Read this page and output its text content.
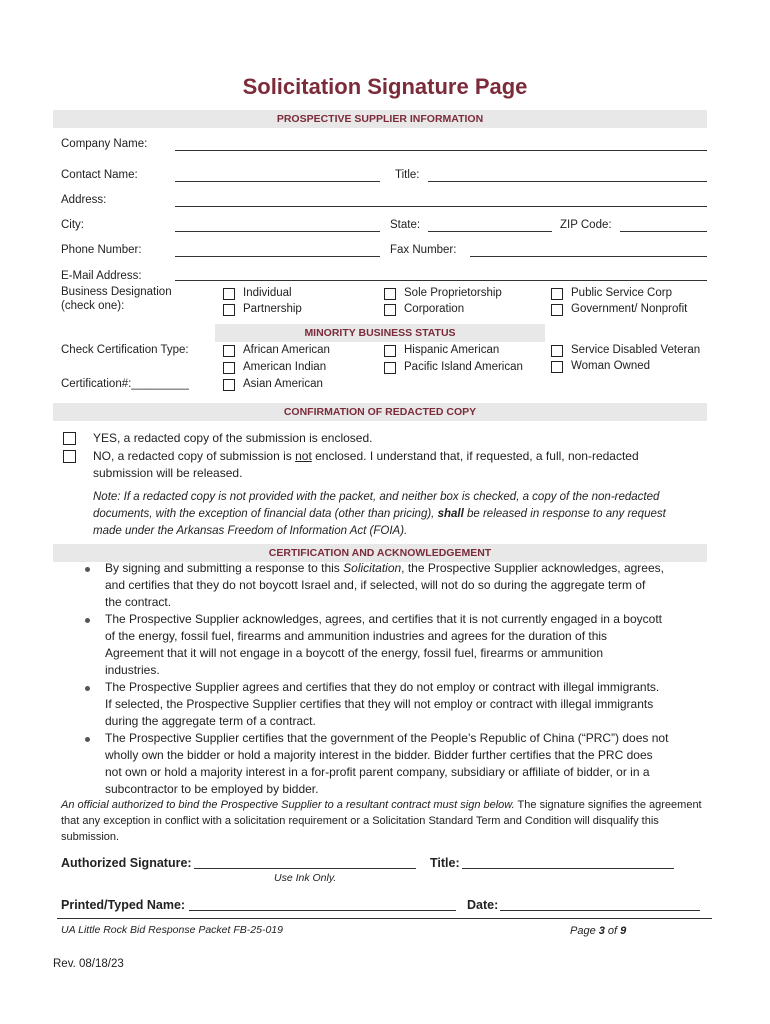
Solicitation Signature Page
PROSPECTIVE SUPPLIER INFORMATION
Company Name:
Contact Name:	Title:
Address:
City:	State:	ZIP Code:
Phone Number:	Fax Number:
E-Mail Address:
Business Designation
(check one):
Individual
Partnership
Sole Proprietorship
Corporation
Public Service Corp
Government/ Nonprofit
MINORITY BUSINESS STATUS
Check Certification Type:
Certification#:_________
African American
American Indian
Asian American
Hispanic American
Pacific Island American
Service Disabled Veteran
Woman Owned
CONFIRMATION OF REDACTED COPY
YES, a redacted copy of the submission is enclosed.
NO, a redacted copy of submission is not enclosed. I understand that, if requested, a full, non-redacted
submission will be released.
Note: If a redacted copy is not provided with the packet, and neither box is checked, a copy of the non-redacted
documents, with the exception of financial data (other than pricing), shall be released in response to any request
made under the Arkansas Freedom of Information Act (FOIA).
CERTIFICATION AND ACKNOWLEDGEMENT
By signing and submitting a response to this Solicitation, the Prospective Supplier acknowledges, agrees,
and certifies that they do not boycott Israel and, if selected, will not do so during the aggregate term of
the contract.
The Prospective Supplier acknowledges, agrees, and certifies that it is not currently engaged in a boycott
of the energy, fossil fuel, firearms and ammunition industries and agrees for the duration of this
Agreement that it will not engage in a boycott of the energy, fossil fuel, firearms or ammunition
industries.
The Prospective Supplier agrees and certifies that they do not employ or contract with illegal immigrants.
If selected, the Prospective Supplier certifies that they will not employ or contract with illegal immigrants
during the aggregate term of a contract.
The Prospective Supplier certifies that the government of the People’s Republic of China (“PRC”) does not
wholly own the bidder or hold a majority interest in the bidder. Bidder further certifies that the PRC does
not own or hold a majority interest in a for-profit parent company, subsidiary or affiliate of bidder, or in a
subcontractor to be employed by bidder.
An official authorized to bind the Prospective Supplier to a resultant contract must sign below. The signature signifies the agreement
that any exception in conflict with a solicitation requirement or a Solicitation Standard Term and Condition will disqualify this
submission.
Authorized Signature:	Title:
Use Ink Only.
Printed/Typed Name:	Date:
UA Little Rock Bid Response Packet FB-25-019	Page 3 of 9
Rev. 08/18/23
